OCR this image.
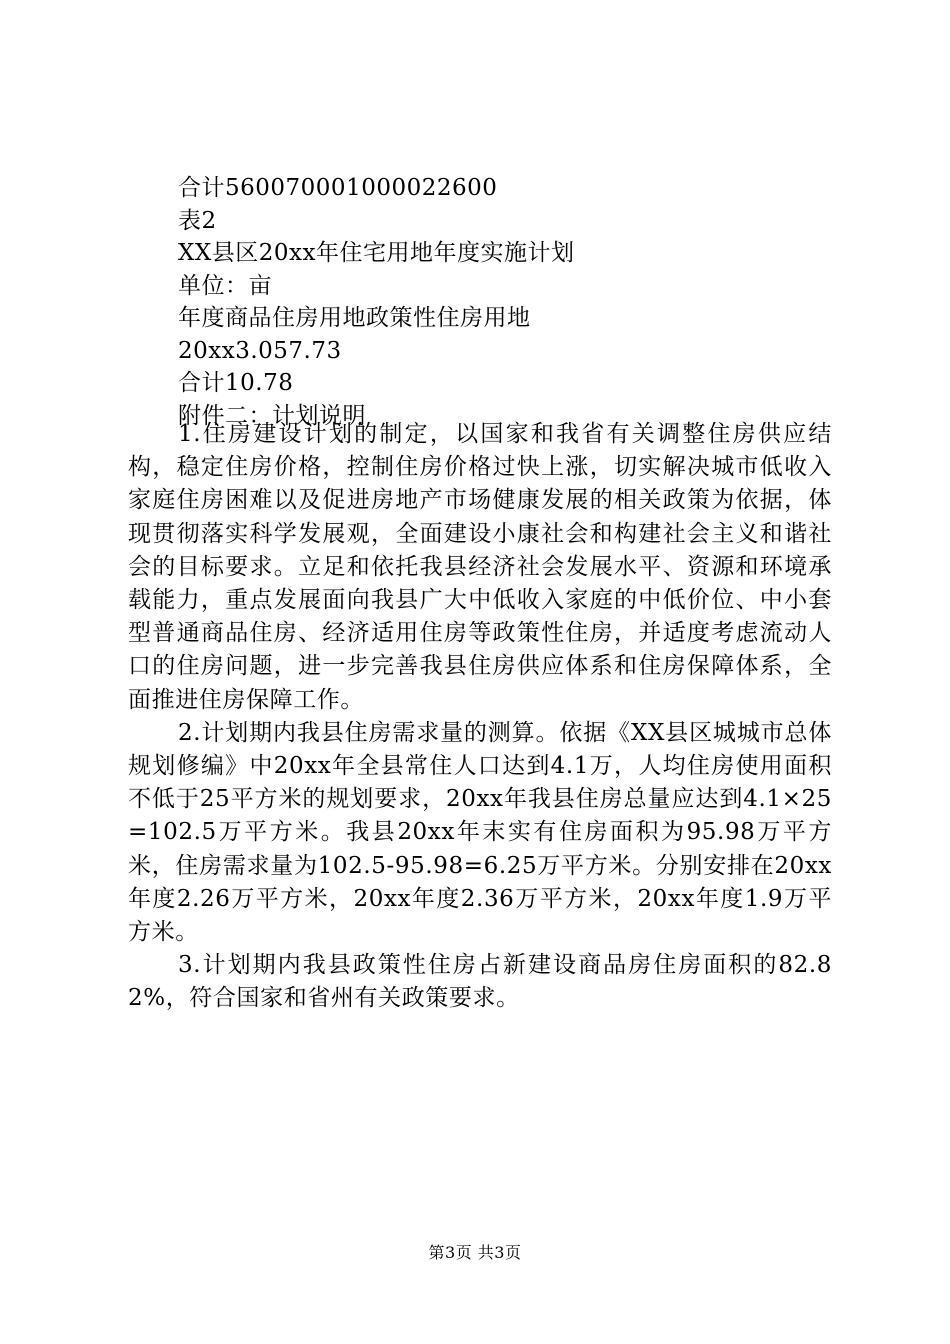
合计560070001000022600
表2
XX县区20xx年住宅用地年度实施计划
单位：亩
年度商品住房用地政策性住房用地
20xx3.057.73
合计10.78
附件二：计划说明

1.住房建设计划的制定，以国家和我省有关调整住房供应结构，稳定住房价格，控制住房价格过快上涨，切实解决城市低收入家庭住房困难以及促进房地产市场健康发展的相关政策为依据，体现贯彻落实科学发展观，全面建设小康社会和构建社会主义和谐社会的目标要求。立足和依托我县经济社会发展水平、资源和环境承载能力，重点发展面向我县广大中低收入家庭的中低价位、中小套型普通商品住房、经济适用住房等政策性住房，并适度考虑流动人口的住房问题，进一步完善我县住房供应体系和住房保障体系，全面推进住房保障工作。

2.计划期内我县住房需求量的测算。依据《XX县区城城市总体规划修编》中20xx年全县常住人口达到4.1万，人均住房使用面积不低于25平方米的规划要求，20xx年我县住房总量应达到4.1×25=102.5万平方米。我县20xx年末实有住房面积为95.98万平方米，住房需求量为102.5-95.98=6.25万平方米。分别安排在20xx年度2.26万平方米，20xx年度2.36万平方米，20xx年度1.9万平方米。

3.计划期内我县政策性住房占新建设商品房住房面积的82.82%，符合国家和省州有关政策要求。

第3页 共3页
